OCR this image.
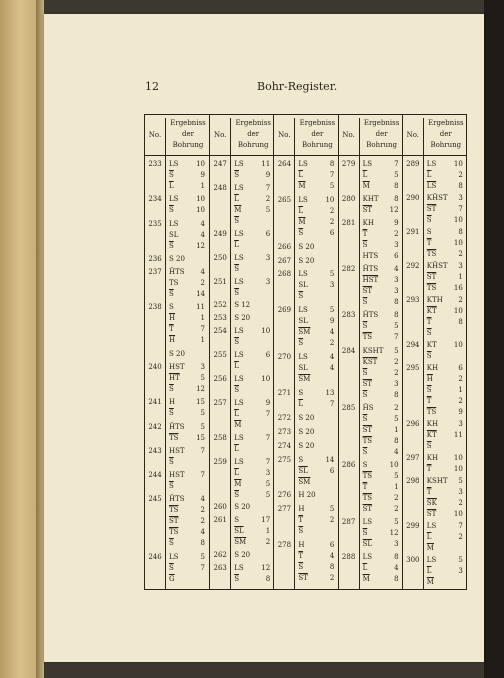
12	Bohr-Register.
No.
Ergebniss
der
Bohrung
233	LS	10
$\overline{S}$	9
$\overline{L}$	1
234	LS	10
$\overline{S}$	10
235	LS	4
SL	4
$\overline{S}$	12
236	S 20
237	ĤTS 4
TS	2
$\overline{S}$	14
238	S	11
$\overline{H}$	1
$\overline{T}$	7
$\overline{H}$	1
S 20
240	HST 3
$\overline{HT}$	5
$\overline{S}$	12
241	H	15
$\overline{S}$	5
242	ĤTS 5
$\overline{TS}$	15
243	HST 7
$\overline{S}$
244	HST 7
$\overline{S}$
245	ĤTS 4
$\overline{TS}$	2
$\overline{ST}$	2
$\overline{TS}$	4
$\overline{S}$	8
246	LS	5
$\overline{S}$	7
$\overline{G}$
No.
Ergebniss
der
Bohrung
247	LS	11
$\overline{S}$	9
248	LS	7
$\overline{L}$	2
$\overline{M}$	5
$\overline{S}$
249	LS	6
$\overline{L}$
250	LS	3
$\overline{S}$
251	LS	3
$\overline{S}$
252	S 12
253	S 20
254	LS	10
$\overline{S}$
255	LS	6
$\overline{L}$
256	LS	10
$\overline{S}$
257	LS	9
$\overline{L}$	7
$\overline{M}$
258	LS	7
$\overline{L}$
259	LS	7
$\overline{L}$	3
$\overline{M}$	5
$\overline{S}$	5
260	S 20
261	S	17
$\overline{SL}$	1
$\overline{SM}$	2
262	S 20
263	LS	12
$\overline{S}$	8
No.
Ergebniss
der
Bohrung
264	LS	8
$\overline{L}$	7
$\overline{M}$	5
265	LS	10
$\overline{L}$	2
$\overline{M}$	2
$\overline{S}$	6
266	S 20
267	S 20
268	LS	5
SL	3
$\overline{S}$
269	LS	5
SL	9
$\overline{SM}$	4
$\overline{S}$	2
270	LS	4
SL	4
$\overline{SM}$
271	S	13
$\overline{L}$	7
272	S 20
273	S 20
274	S 20
275	S	14
$\overline{SL}$	6
$\overline{SM}$
276	H 20
277	H	5
$\overline{T}$	2
$\overline{S}$
278	H	6
$\overline{T}$	4
$\overline{S}$	8
$\overline{ST}$	2
No.
Ergebniss
der
Bohrung
279	LS	7
$\overline{L}$	5
$\overline{M}$	8
280	KHT 8
$\overline{ST}$	12
281	KH	9
$\overline{T}$	2
$\overline{S}$	3
HTS 6
282	ĤTS 4
$\overline{HST}$ 3
$\overline{ST}$	3
$\overline{S}$	8
283	ĤTS 8
$\overline{S}$	5
$\overline{TS}$	7
284	KSHT 5
$\overline{KST}$ 2
$\overline{S}$	2
$\overline{ST}$	3
$\overline{S}$	8
285	ĤS	2
$\overline{S}$	5
$\overline{ST}$	1
$\overline{TS}$	8
$\overline{S}$	4
286	S	10
$\overline{TS}$	5
$\overline{T}$	1
$\overline{TS}$	2
$\overline{ST}$	2
287	LS	5
$\overline{S}$	12
$\overline{SL}$	3
288	LS	8
$\overline{L}$	4
$\overline{M}$	8
No.
Ergebniss
der
Bohrung
289	LS	10
$\overline{L}$	2
$\overline{LS}$	8
290	KĤST 3
$\overline{ST}$	7
$\overline{S}$	10
291	S	8
$\overline{T}$	10
$\overline{TS}$	2
292	KĤST 3
$\overline{ST}$	1
$\overline{TS}$	16
293	KTH 2
$\overline{KT}$ 10
$\overline{T}$	8
$\overline{S}$
294	KT 10
$\overline{S}$
295	KH	6
$\overline{H}$	2
$\overline{S}$	1
$\overline{T}$	2
$\overline{TS}$	9
296	KH	3
$\overline{KT}$ 11
$\overline{S}$
297	KH 10
$\overline{T}$	10
298	KSHT 5
$\overline{T}$	3
$\overline{SK}$	2
$\overline{ST}$	10
299	LS	7
$\overline{L}$	2
$\overline{M}$
300	LS	5
$\overline{L}$	3
$\overline{M}$
